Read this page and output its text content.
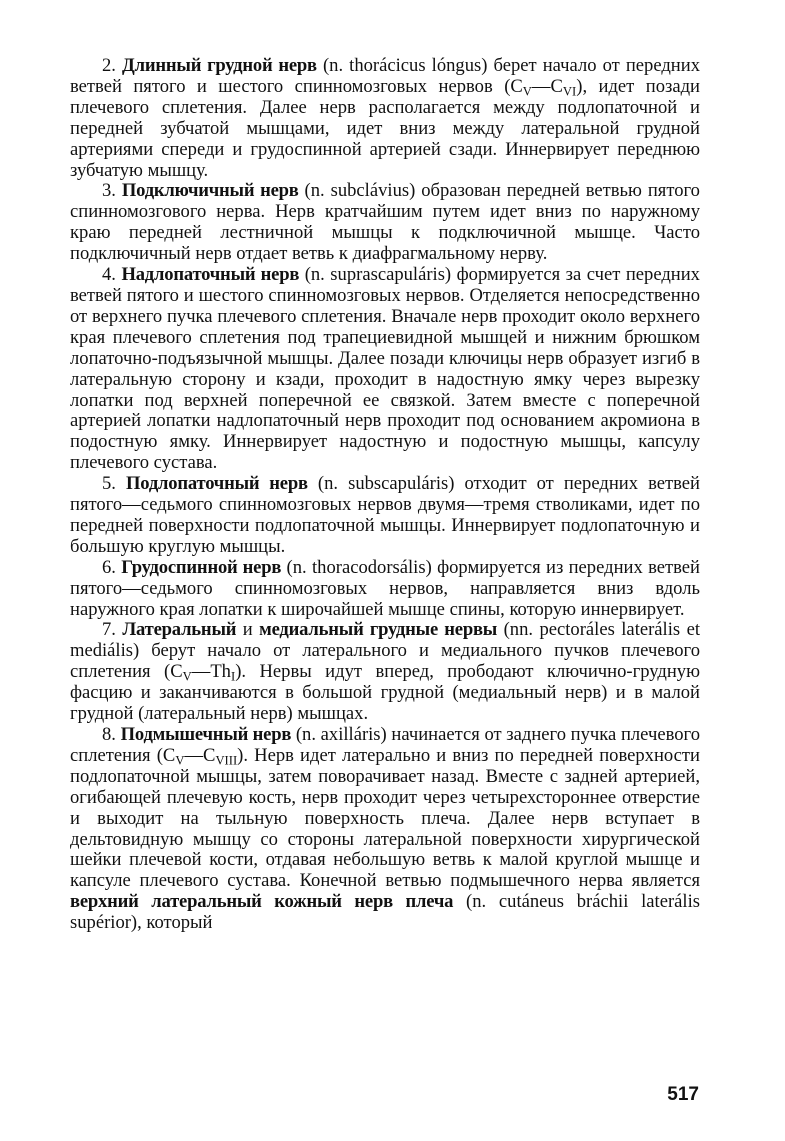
2. Длинный грудной нерв (n. thorácicus lóngus) берет начало от передних ветвей пятого и шестого спинномозговых нервов $(C_V—C_{VI})$, идет позади плечевого сплетения. Далее нерв располагается между подлопаточной и передней зубчатой мышцами, идет вниз между латеральной грудной артериями спереди и грудоспинной артерией сзади. Иннервирует переднюю зубчатую мышцу.

3. Подключичный нерв (n. subclávius) образован передней ветвью пятого спинномозгового нерва. Нерв кратчайшим путем идет вниз по наружному краю передней лестничной мышцы к подключичной мышце. Часто подключичный нерв отдает ветвь к диафрагмальному нерву.

4. Надлопаточный нерв (n. suprascapuláris) формируется за счет передних ветвей пятого и шестого спинномозговых нервов. Отделяется непосредственно от верхнего пучка плечевого сплетения. Вначале нерв проходит около верхнего края плечевого сплетения под трапециевидной мышцей и нижним брюшком лопаточно-подъязычной мышцы. Далее позади ключицы нерв образует изгиб в латеральную сторону и кзади, проходит в надостную ямку через вырезку лопатки под верхней поперечной ее связкой. Затем вместе с поперечной артерией лопатки надлопаточный нерв проходит под основанием акромиона в подостную ямку. Иннервирует надостную и подостную мышцы, капсулу плечевого сустава.

5. Подлопаточный нерв (n. subscapuláris) отходит от передних ветвей пятого—седьмого спинномозговых нервов двумя—тремя стволиками, идет по передней поверхности подлопаточной мышцы. Иннервирует подлопаточную и большую круглую мышцы.

6. Грудоспинной нерв (n. thoracodorsális) формируется из передних ветвей пятого—седьмого спинномозговых нервов, направляется вниз вдоль наружного края лопатки к широчайшей мышце спины, которую иннервирует.

7. Латеральный и медиальный грудные нервы (nn. pectoráles laterális et mediális) берут начало от латерального и медиального пучков плечевого сплетения $(C_V—Th_I)$. Нервы идут вперед, прободают ключично-грудную фасцию и заканчиваются в большой грудной (медиальный нерв) и в малой грудной (латеральный нерв) мышцах.

8. Подмышечный нерв (n. axilláris) начинается от заднего пучка плечевого сплетения $(C_V—C_{VIII})$. Нерв идет латерально и вниз по передней поверхности подлопаточной мышцы, затем поворачивает назад. Вместе с задней артерией, огибающей плечевую кость, нерв проходит через четырехстороннее отверстие и выходит на тыльную поверхность плеча. Далее нерв вступает в дельтовидную мышцу со стороны латеральной поверхности хирургической шейки плечевой кости, отдавая небольшую ветвь к малой круглой мышце и капсуле плечевого сустава. Конечной ветвью подмышечного нерва является верхний латеральный кожный нерв плеча (n. cutáneus bráchii laterális supérior), который

517
